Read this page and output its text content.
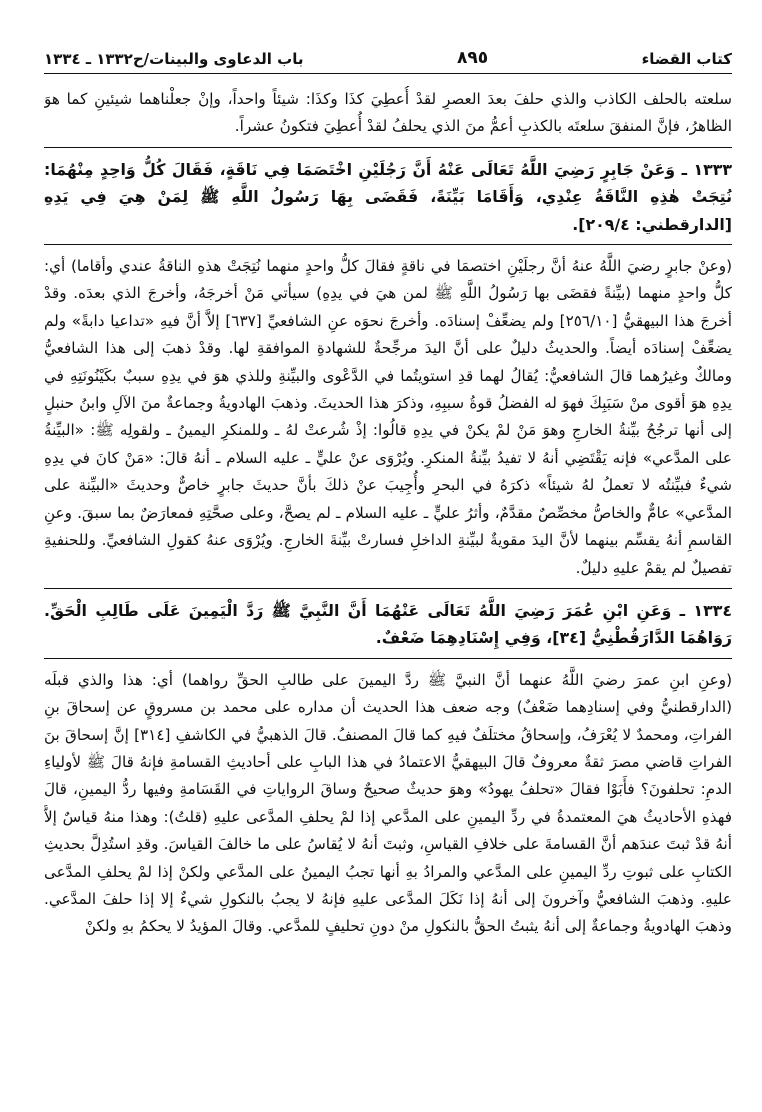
كتاب القضاء
٨٩٥
باب الدعاوى والبينات/ح١٣٣٢ ـ ١٣٣٤

سلعته بالحلف الكاذب والذي حلفَ بعدَ العصرِ لقدْ أُعطِيَ كذَا وكذَا: شيئاً واحداً، وإنْ جعلْناهما شيئينِ كما هوَ الظاهرُ، فإنَّ المنفقَ سلعتَه بالكذبِ أعمُّ منَ الذي يحلفُ لقدْ أُعطِيَ فتكونُ عشراً.

١٣٣٣ ـ وَعَنْ جَابِرٍ رَضِيَ اللَّهُ تَعَالَى عَنْهُ أَنَّ رَجُلَيْنِ اخْتَصَمَا فِي نَاقَةٍ، فَقَالَ كُلُّ وَاحِدٍ مِنْهُمَا: نُتِجَتْ هٰذِهِ النَّاقَةُ عِنْدِي، وَأَقَامَا بَيِّنَةً، فَقَضَى بِهَا رَسُولُ اللَّهِ ﷺ لِمَنْ هِيَ فِي يَدِهِ [الدارقطني: ٢٠٩/٤].

(وعنْ جابرٍ رضيَ اللَّهُ عنهُ أنَّ رجلَيْنِ اختصمَا في ناقةٍ فقالَ كلُّ واحدٍ منهما نُتِجَتْ هذهِ الناقةُ عندي وأقاما) أي: كلُّ واحدٍ منهما (بيِّنةً فقضَى بها رَسُولُ اللَّهِ ﷺ لمن هيَ في يدِهِ) سيأتي مَنْ أخرجَهُ، وأخرجَ الذي بعدَه. وقدْ أخرجَ هذا البيهقيُّ [٢٥٦/١٠] ولم يضعِّفْ إسنادَه. وأخرجَ نحوَه عنِ الشافعيِّ [٦٣٧] إلاَّ أنَّ فيهِ «تداعيا دابةً» ولم يضعِّفْ إسنادَه أيضاً. والحديثُ دليلٌ على أنَّ اليدَ مرجِّحةٌ للشهادةِ الموافقةِ لها. وقدْ ذهبَ إلى هذا الشافعيُّ ومالكٌ وغيرُهما قالَ الشافعيُّ: يُقالُ لهما قدِ استويتُما في الدَّعْوى والبيِّنةِ وللذي هوَ في يدِهِ سببٌ بكَيْنُونَتِهِ في يدِهِ هوَ أقوى منْ سَبَبِكَ فهوَ له الفضلُ قوةُ سببِهِ، وذكرَ هذا الحديثَ. وذهبَ الهادويةُ وجماعةٌ منَ الآلِ وابنُ حنبلٍ إلى أنها ترجُحُ بيِّنةُ الخارجِ وهوَ مَنْ لمْ يكنْ في يدِهِ قالُوا: إذْ شُرعتْ لهُ ـ وللمنكرِ اليمينُ ـ ولقولِه ﷺ: «البيِّنةُ على المدَّعي» فإنه يَقْتَضِي أنهُ لا تفيدُ بيِّنةُ المنكرِ. ويُرْوَى عنْ عليٍّ ـ عليه السلام ـ أنهُ قالَ: «مَنْ كانَ في يدِهِ شيءٌ فبيِّنتُه لا تعملُ لهُ شيئاً» ذكرَهُ في البحرِ وأُجِيبَ عنْ ذلكَ بأنَّ حديثَ جابرٍ خاصٌّ وحديثَ «البيِّنة على المدَّعي» عامٌّ والخاصُّ مخصِّصٌ مقدَّمٌ، وأثرُ عليٍّ ـ عليه السلام ـ لم يصحَّ، وعلى صحَّتِهِ فمعارَضٌ بما سبقَ. وعنِ القاسمِ أنهُ يقسِّم بينهما لأنَّ اليدَ مقويةٌ لبيِّنةِ الداخلِ فسارتْ بيِّنةَ الخارجِ. ويُرْوَى عنهُ كقولِ الشافعيِّ. وللحنفيةِ تفصيلٌ لم يقمْ عليهِ دليلٌ.

١٣٣٤ ـ وَعَنِ ابْنِ عُمَرَ رَضِيَ اللَّهُ تَعَالَى عَنْهُمَا أَنَّ النَّبِيَّ ﷺ رَدَّ الْيَمِينَ عَلَى طَالِبِ الْحَقِّ. رَوَاهُمَا الدَّارَقُطْنِيُّ [٣٤]، وَفِي إِسْنَادِهِمَا ضَعْفٌ.

(وعنِ ابنِ عمرَ رضيَ اللَّهُ عنهما أنَّ النبيَّ ﷺ ردَّ اليمينَ على طالبِ الحقِّ رواهما) أي: هذا والذي قبلَه (الدارقطنيُّ وفي إسنادِهما ضَعْفٌ) وجه ضعف هذا الحديث أن مداره على محمد بن مسروقٍ عن إسحاقَ بنِ الفراتِ، ومحمدٌ لا يُعْرَفُ، وإسحاقُ مختلَفٌ فيهِ كما قالَ المصنفُ. قالَ الذهبيُّ في الكاشفِ [٣١٤] إنَّ إسحاقَ بنَ الفراتِ قاضي مصرَ ثقةٌ معروفٌ قالَ البيهقيُّ الاعتمادُ في هذا البابِ على أحاديثِ القسامةِ فإنهُ قالَ ﷺ لأولياءِ الدمِ: تحلفونَ؟ فأَبَوْا فقالَ «تحلفُ يهودُ» وهوَ حديثٌ صحيحٌ وساقَ الرواياتِ في القَسَامةِ وفيها ردُّ اليمينِ، قالَ فهذهِ الأحاديثُ هيَ المعتمدةُ في ردِّ اليمينِ على المدَّعي إذا لمْ يحلفِ المدَّعى عليهِ (قلتُ): وهذا منهُ قياسٌ إلاَّ أنهُ قدْ ثبتَ عندَهم أنَّ القسامةَ على خلافِ القياسِ، وثبتَ أنهُ لا يُقاسُ على ما خالفَ القياسَ. وقدِ استُدِلَّ بحديثِ الكتابِ على ثبوتِ ردِّ اليمينِ على المدَّعي والمرادُ بهِ أنها تجبُ اليمينُ على المدَّعي ولكنْ إذا لمْ يحلفِ المدَّعى عليهِ. وذهبَ الشافعيُّ وآخرونَ إلى أنهُ إذا نَكَلَ المدَّعى عليهِ فإنهُ لا يجبُ بالنكولِ شيءٌ إلا إذا حلفَ المدَّعي. وذهبَ الهادويةُ وجماعةٌ إلى أنهُ يثبتُ الحقُّ بالنكولِ منْ دونِ تحليفٍ للمدَّعي. وقالَ المؤيدُ لا يحكمُ بهِ ولكنْ
